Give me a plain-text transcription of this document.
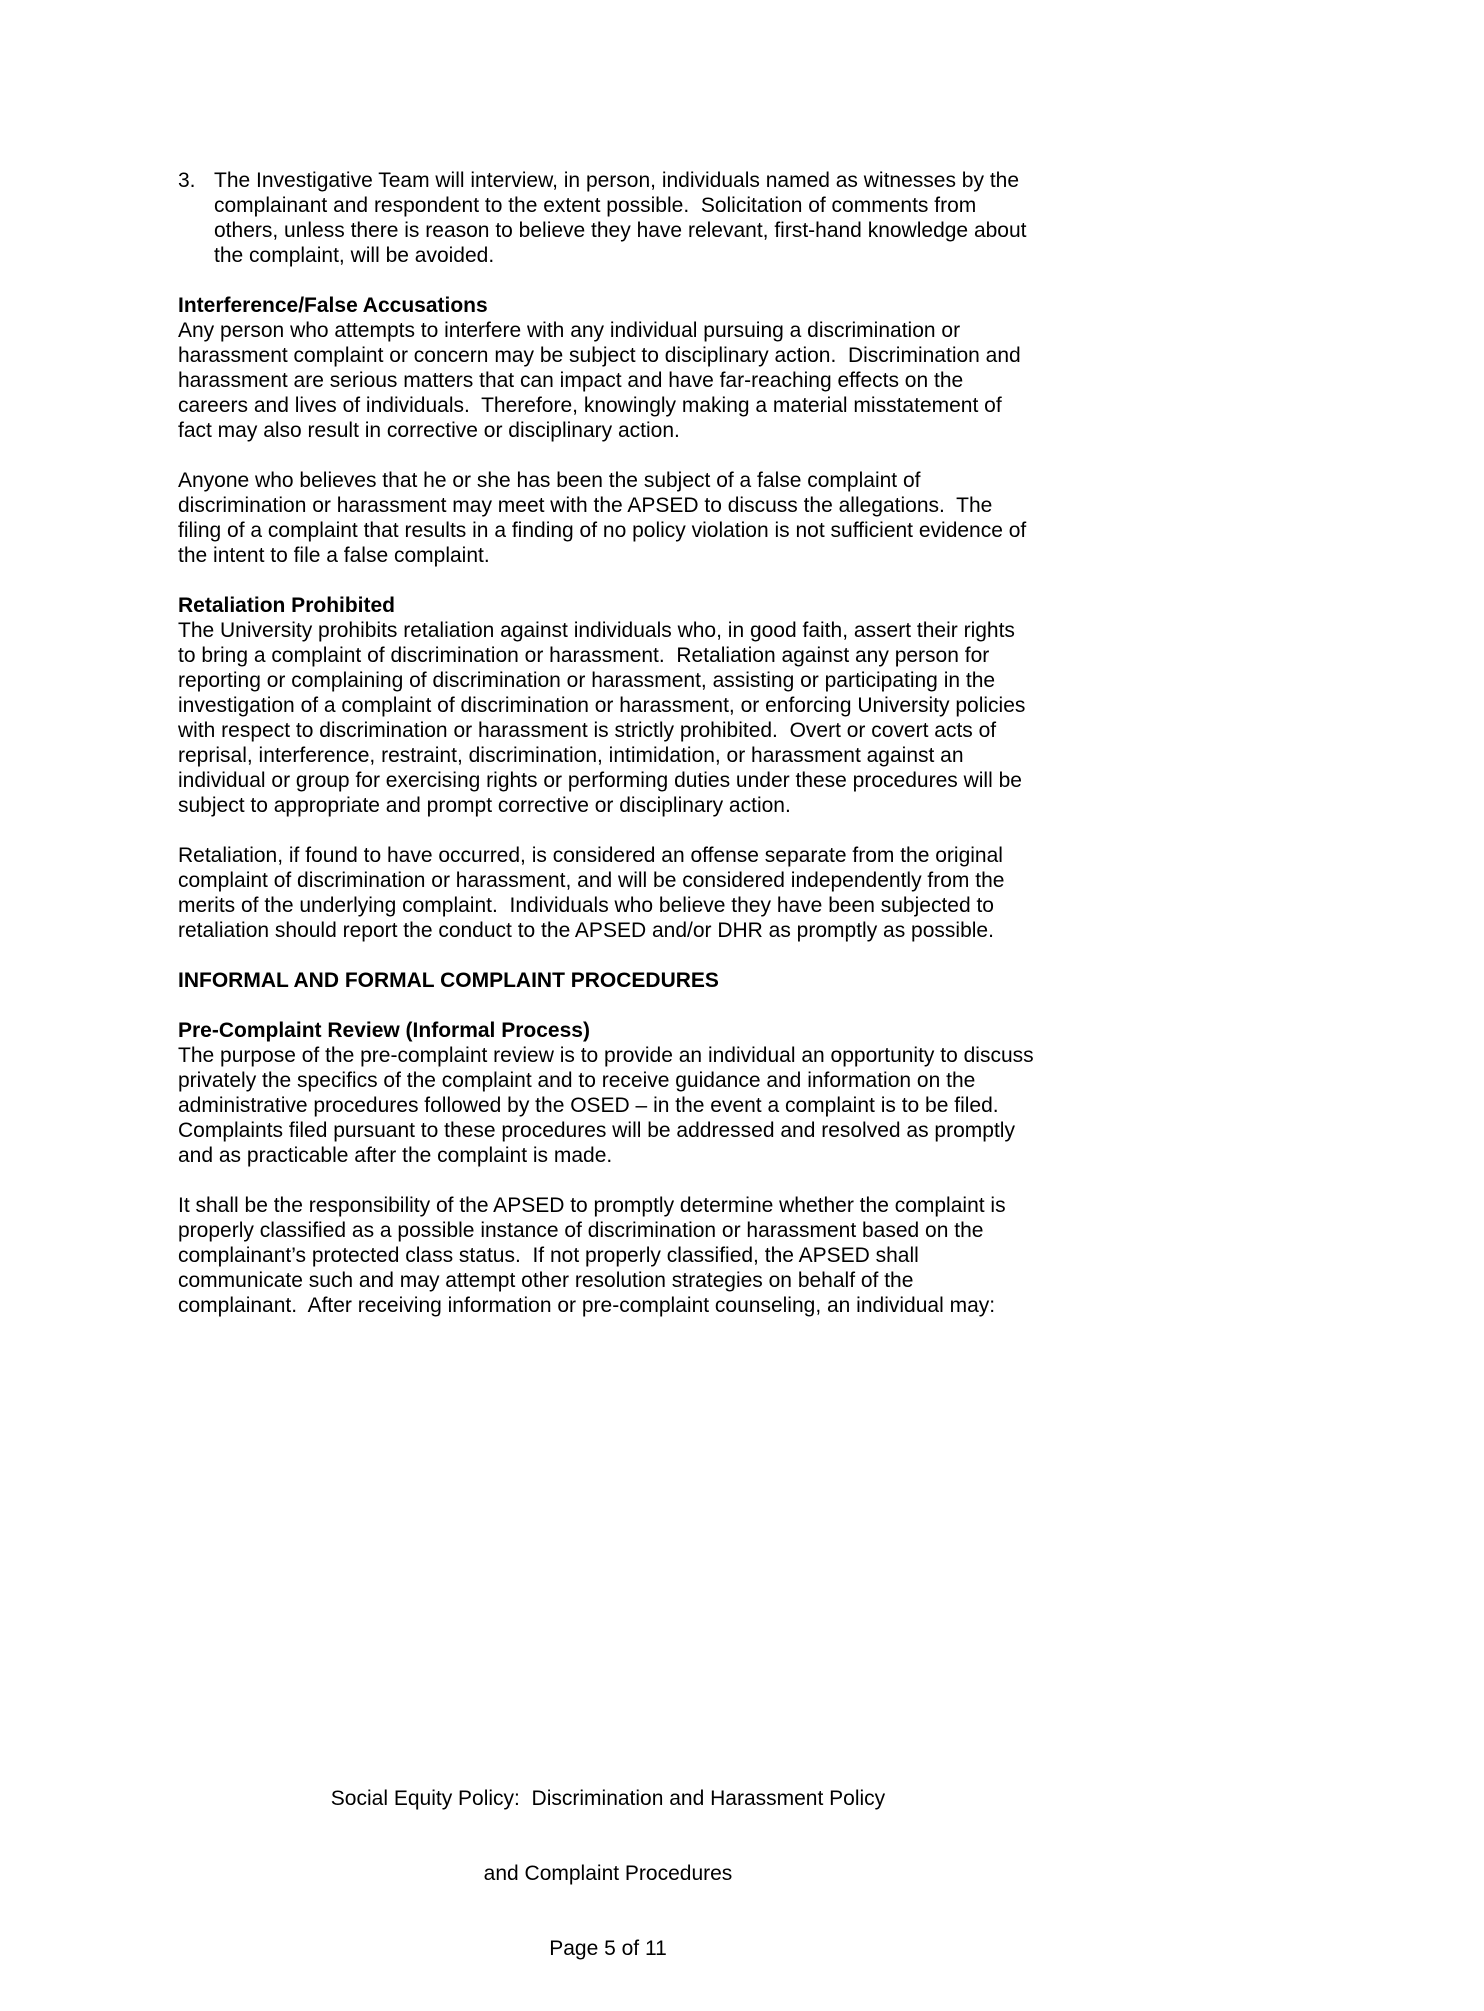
3. The Investigative Team will interview, in person, individuals named as witnesses by the complainant and respondent to the extent possible.  Solicitation of comments from others, unless there is reason to believe they have relevant, first-hand knowledge about the complaint, will be avoided.
Interference/False Accusations

Any person who attempts to interfere with any individual pursuing a discrimination or harassment complaint or concern may be subject to disciplinary action.  Discrimination and harassment are serious matters that can impact and have far-reaching effects on the careers and lives of individuals.  Therefore, knowingly making a material misstatement of fact may also result in corrective or disciplinary action.

Anyone who believes that he or she has been the subject of a false complaint of discrimination or harassment may meet with the APSED to discuss the allegations.  The filing of a complaint that results in a finding of no policy violation is not sufficient evidence of the intent to file a false complaint.

Retaliation Prohibited

The University prohibits retaliation against individuals who, in good faith, assert their rights to bring a complaint of discrimination or harassment.  Retaliation against any person for reporting or complaining of discrimination or harassment, assisting or participating in the investigation of a complaint of discrimination or harassment, or enforcing University policies with respect to discrimination or harassment is strictly prohibited.  Overt or covert acts of reprisal, interference, restraint, discrimination, intimidation, or harassment against an individual or group for exercising rights or performing duties under these procedures will be subject to appropriate and prompt corrective or disciplinary action.

Retaliation, if found to have occurred, is considered an offense separate from the original complaint of discrimination or harassment, and will be considered independently from the merits of the underlying complaint.  Individuals who believe they have been subjected to retaliation should report the conduct to the APSED and/or DHR as promptly as possible.

INFORMAL AND FORMAL COMPLAINT PROCEDURES
Pre-Complaint Review (Informal Process)

The purpose of the pre-complaint review is to provide an individual an opportunity to discuss privately the specifics of the complaint and to receive guidance and information on the administrative procedures followed by the OSED – in the event a complaint is to be filed.  Complaints filed pursuant to these procedures will be addressed and resolved as promptly and as practicable after the complaint is made.

It shall be the responsibility of the APSED to promptly determine whether the complaint is properly classified as a possible instance of discrimination or harassment based on the complainant’s protected class status.  If not properly classified, the APSED shall communicate such and may attempt other resolution strategies on behalf of the complainant.  After receiving information or pre-complaint counseling, an individual may:

Social Equity Policy:  Discrimination and Harassment Policy

and Complaint Procedures

Page 5 of 11
